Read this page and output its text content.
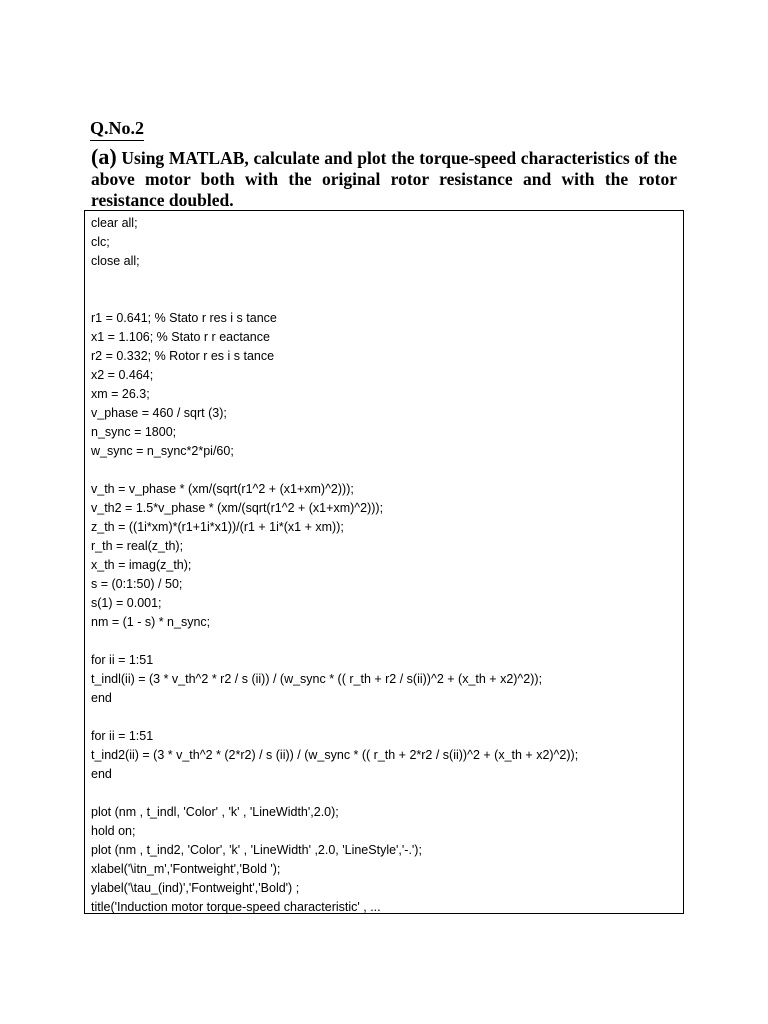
Q.No.2
(a) Using MATLAB, calculate and plot the torque-speed characteristics of the above motor both with the original rotor resistance and with the rotor resistance doubled.
clear all;
clc;
close all;
r1 = 0.641; % Stato r res i s tance
x1 = 1.106; % Stato r r eactance
r2 = 0.332; % Rotor r es i s tance
x2 = 0.464;
xm = 26.3;
v_phase = 460 / sqrt (3);
n_sync = 1800;
w_sync = n_sync*2*pi/60;
v_th = v_phase * (xm/(sqrt(r1^2 + (x1+xm)^2)));
v_th2 = 1.5*v_phase * (xm/(sqrt(r1^2 + (x1+xm)^2)));
z_th = ((1i*xm)*(r1+1i*x1))/(r1 + 1i*(x1 + xm));
r_th = real(z_th);
x_th = imag(z_th);
s = (0:1:50) / 50;
s(1) = 0.001;
nm = (1 - s) * n_sync;
for ii = 1:51
t_indl(ii) = (3 * v_th^2 * r2 / s (ii)) / (w_sync * (( r_th + r2 / s(ii))^2 + (x_th + x2)^2));
end
for ii = 1:51
t_ind2(ii) = (3 * v_th^2 * (2*r2) / s (ii)) / (w_sync * (( r_th + 2*r2 / s(ii))^2 + (x_th + x2)^2));
end
plot (nm , t_indl, 'Color' , 'k' , 'LineWidth',2.0);
hold on;
plot (nm , t_ind2, 'Color', 'k' , 'LineWidth' ,2.0, 'LineStyle','-.');
xlabel('\itn_m','Fontweight','Bold ');
ylabel('\tau_(ind)','Fontweight','Bold') ;
title('Induction motor torque-speed characteristic' , ...
